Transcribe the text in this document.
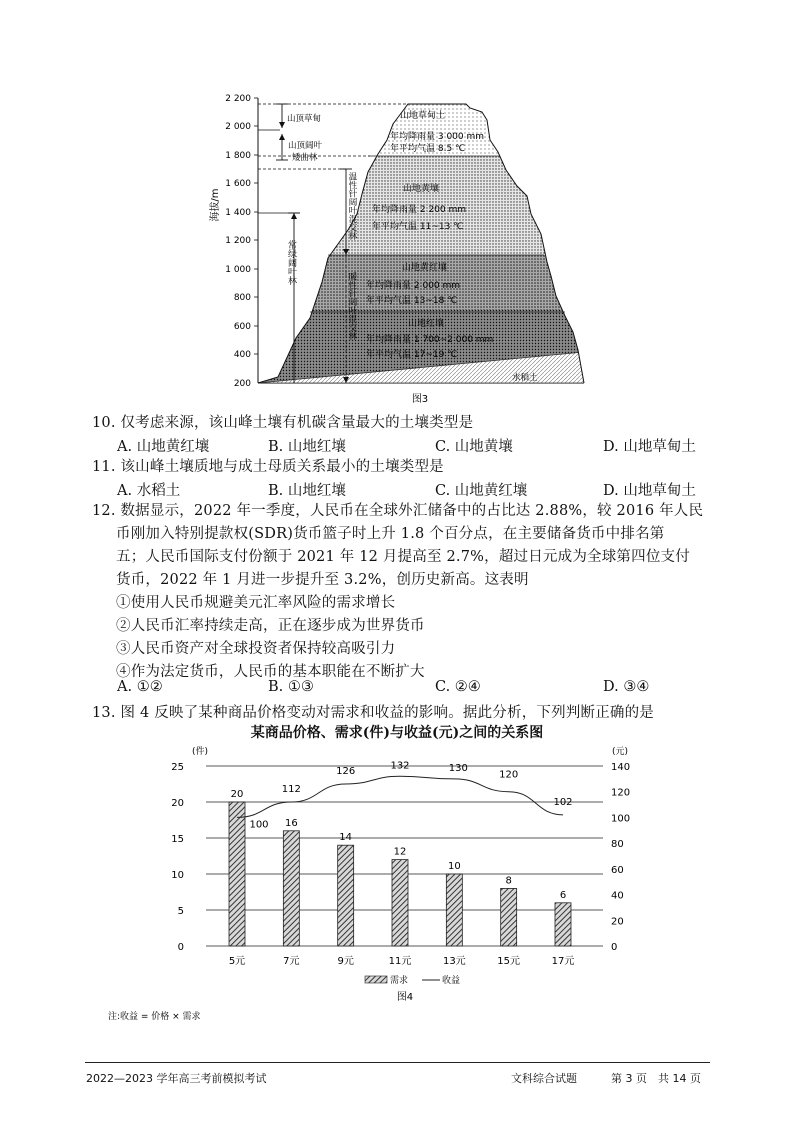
2 200
2 000
1 800
1 600
1 400
1 200
1 000
800
600
400
200
海拔/m
山顶草甸
山顶阔叶
矮曲林
常绿阔叶林
温性针阔叶混交林
暖性针阔叶混交林
山地草甸土
年均降雨量 3 000 mm
年平均气温 8.5 ℃
山地黄壤
年均降雨量 2 200 mm
年平均气温 11~13 ℃
山地黄红壤
年均降雨量 2 000 mm
年平均气温 13~18 ℃
山地红壤
年均降雨量 1 700~2 000 mm
年平均气温 17~19 ℃
水稻土
图3
10. 仅考虑来源，该山峰土壤有机碳含量最大的土壤类型是
A. 山地黄红壤	B. 山地红壤	C. 山地黄壤	D. 山地草甸土
11. 该山峰土壤质地与成土母质关系最小的土壤类型是
A. 水稻土	B. 山地红壤	C. 山地黄红壤	D. 山地草甸土
12. 数据显示，2022 年一季度，人民币在全球外汇储备中的占比达 2.88%，较 2016 年人民
币刚加入特别提款权(SDR)货币篮子时上升 1.8 个百分点，在主要储备货币中排名第
五；人民币国际支付份额于 2021 年 12 月提高至 2.7%，超过日元成为全球第四位支付
货币，2022 年 1 月进一步提升至 3.2%，创历史新高。这表明
①使用人民币规避美元汇率风险的需求增长
②人民币汇率持续走高，正在逐步成为世界货币
③人民币资产对全球投资者保持较高吸引力
④作为法定货币，人民币的基本职能在不断扩大
A. ①②	B. ①③	C. ②④	D. ③④
13. 图 4 反映了某种商品价格变动对需求和收益的影响。据此分析，下列判断正确的是
某商品价格、需求(件)与收益(元)之间的关系图
25
20
15
10
5
0
140
120
100
80
60
40
20
0
20
5元
16
7元
14
9元
12
11元
10
13元
8
15元
6
17元
100
112
126
132	130
120
102
(件)	(元)
需求	收益
图4
注:收益 = 价格 × 需求
2022—2023 学年高三考前模拟考试	文科综合试题	第 3 页　共 14 页
